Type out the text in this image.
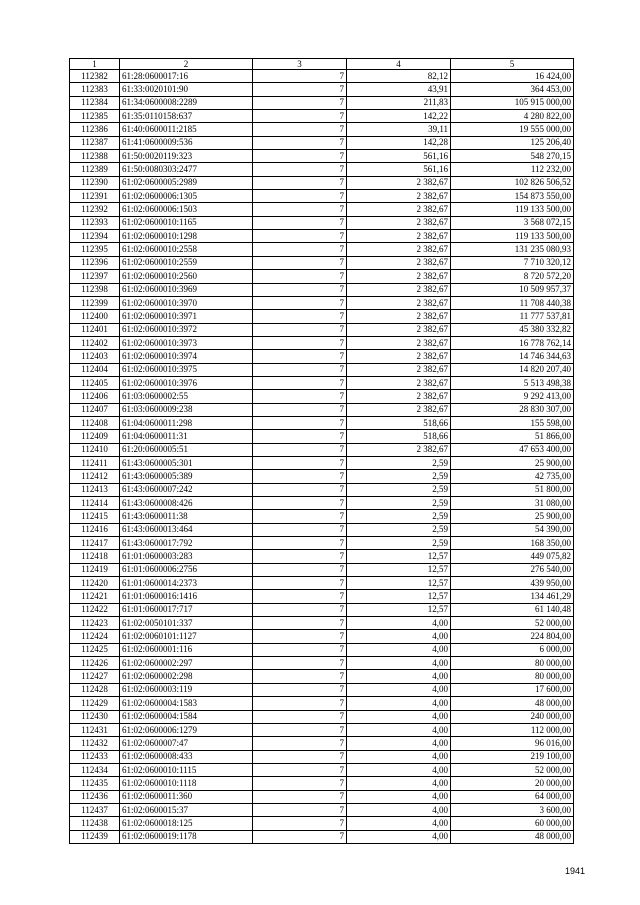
1	2	3	4	5
112382	61:28:0600017:16	7	82,12	16 424,00
112383	61:33:0020101:90	7	43,91	364 453,00
112384	61:34:0600008:2289	7	211,83	105 915 000,00
112385	61:35:0110158:637	7	142,22	4 280 822,00
112386	61:40:0600011:2185	7	39,11	19 555 000,00
112387	61:41:0600009:536	7	142,28	125 206,40
112388	61:50:0020119:323	7	561,16	548 270,15
112389	61:50:0080303:2477	7	561,16	112 232,00
112390	61:02:0600005:2989	7	2 382,67	102 826 506,52
112391	61:02:0600006:1305	7	2 382,67	154 873 550,00
112392	61:02:0600006:1503	7	2 382,67	119 133 500,00
112393	61:02:0600010:1165	7	2 382,67	3 568 072,15
112394	61:02:0600010:1298	7	2 382,67	119 133 500,00
112395	61:02:0600010:2558	7	2 382,67	131 235 080,93
112396	61:02:0600010:2559	7	2 382,67	7 710 320,12
112397	61:02:0600010:2560	7	2 382,67	8 720 572,20
112398	61:02:0600010:3969	7	2 382,67	10 509 957,37
112399	61:02:0600010:3970	7	2 382,67	11 708 440,38
112400	61:02:0600010:3971	7	2 382,67	11 777 537,81
112401	61:02:0600010:3972	7	2 382,67	45 380 332,82
112402	61:02:0600010:3973	7	2 382,67	16 778 762,14
112403	61:02:0600010:3974	7	2 382,67	14 746 344,63
112404	61:02:0600010:3975	7	2 382,67	14 820 207,40
112405	61:02:0600010:3976	7	2 382,67	5 513 498,38
112406	61:03:0600002:55	7	2 382,67	9 292 413,00
112407	61:03:0600009:238	7	2 382,67	28 830 307,00
112408	61:04:0600011:298	7	518,66	155 598,00
112409	61:04:0600011:31	7	518,66	51 866,00
112410	61:20:0600005:51	7	2 382,67	47 653 400,00
112411	61:43:0600005:301	7	2,59	25 900,00
112412	61:43:0600005:389	7	2,59	42 735,00
112413	61:43:0600007:242	7	2,59	51 800,00
112414	61:43:0600008:426	7	2,59	31 080,00
112415	61:43:0600011:38	7	2,59	25 900,00
112416	61:43:0600013:464	7	2,59	54 390,00
112417	61:43:0600017:792	7	2,59	168 350,00
112418	61:01:0600003:283	7	12,57	449 075,82
112419	61:01:0600006:2756	7	12,57	276 540,00
112420	61:01:0600014:2373	7	12,57	439 950,00
112421	61:01:0600016:1416	7	12,57	134 461,29
112422	61:01:0600017:717	7	12,57	61 140,48
112423	61:02:0050101:337	7	4,00	52 000,00
112424	61:02:0060101:1127	7	4,00	224 804,00
112425	61:02:0600001:116	7	4,00	6 000,00
112426	61:02:0600002:297	7	4,00	80 000,00
112427	61:02:0600002:298	7	4,00	80 000,00
112428	61:02:0600003:119	7	4,00	17 600,00
112429	61:02:0600004:1583	7	4,00	48 000,00
112430	61:02:0600004:1584	7	4,00	240 000,00
112431	61:02:0600006:1279	7	4,00	112 000,00
112432	61:02:0600007:47	7	4,00	96 016,00
112433	61:02:0600008:433	7	4,00	219 100,00
112434	61:02:0600010:1115	7	4,00	52 000,00
112435	61:02:0600010:1118	7	4,00	20 000,00
112436	61:02:0600011:360	7	4,00	64 000,00
112437	61:02:0600015:37	7	4,00	3 600,00
112438	61:02:0600018:125	7	4,00	60 000,00
112439	61:02:0600019:1178	7	4,00	48 000,00
1941
